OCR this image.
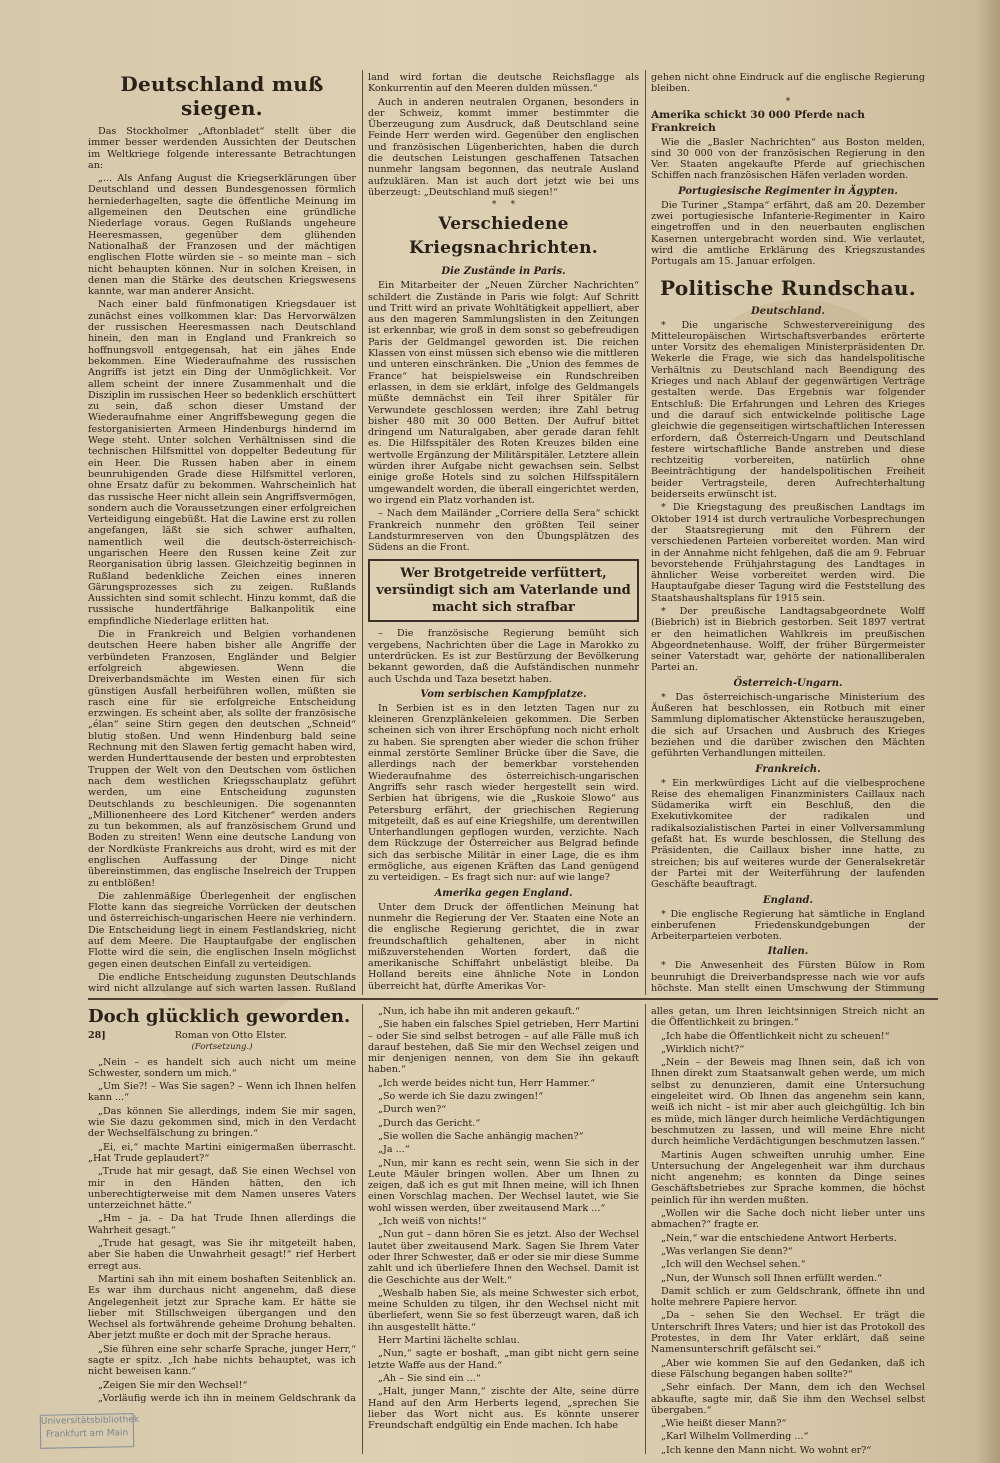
Deutschland muß siegen.

Das Stockholmer „Aftonbladet“ stellt über die immer besser werdenden Aussichten der Deutschen im Weltkriege folgende interessante Betrachtungen an:

„... Als Anfang August die Kriegserklärungen über Deutschland und dessen Bundesgenossen förmlich herniederhagelten, sagte die öffentliche Meinung im allgemeinen den Deutschen eine gründliche Niederlage voraus. Gegen Rußlands ungeheure Heeresmassen, gegenüber dem glühenden Nationalhaß der Franzosen und der mächtigen englischen Flotte würden sie – so meinte man – sich nicht behaupten können. Nur in solchen Kreisen, in denen man die Stärke des deutschen Kriegswesens kannte, war man anderer Ansicht.

Nach einer bald fünfmonatigen Kriegsdauer ist zunächst eines vollkommen klar: Das Hervorwälzen der russischen Heeresmassen nach Deutschland hinein, den man in England und Frankreich so hoffnungsvoll entgegensah, hat ein jähes Ende bekommen. Eine Wiederaufnahme des russischen Angriffs ist jetzt ein Ding der Unmöglichkeit. Vor allem scheint der innere Zusammenhalt und die Disziplin im russischen Heer so bedenklich erschüttert zu sein, daß schon dieser Umstand der Wiederaufnahme einer Angriffsbewegung gegen die festorganisierten Armeen Hindenburgs hindernd im Wege steht. Unter solchen Verhältnissen sind die technischen Hilfsmittel von doppelter Bedeutung für ein Heer. Die Russen haben aber in einem beunruhigenden Grade diese Hilfsmittel verloren, ohne Ersatz dafür zu bekommen. Wahrscheinlich hat das russische Heer nicht allein sein Angriffsvermögen, sondern auch die Voraussetzungen einer erfolgreichen Verteidigung eingebüßt. Hat die Lawine erst zu rollen angefangen, läßt sie sich schwer aufhalten, namentlich weil die deutsch-österreichisch-ungarischen Heere den Russen keine Zeit zur Reorganisation übrig lassen. Gleichzeitig beginnen in Rußland bedenkliche Zeichen eines inneren Gärungsprozesses sich zu zeigen. Rußlands Aussichten sind somit schlecht. Hinzu kommt, daß die russische hundertfährige Balkanpolitik eine empfindliche Niederlage erlitten hat.

Die in Frankreich und Belgien vorhandenen deutschen Heere haben bisher alle Angriffe der verbündeten Franzosen, Engländer und Belgier erfolgreich abgewiesen. Wenn die Dreiverbandsmächte im Westen einen für sich günstigen Ausfall herbeiführen wollen, müßten sie rasch eine für sie erfolgreiche Entscheidung erzwingen. Es scheint aber, als sollte der französische „élan“ seine Stirn gegen den deutschen „Schneid“ blutig stoßen. Und wenn Hindenburg bald seine Rechnung mit den Slawen fertig gemacht haben wird, werden Hunderttausende der besten und erprobtesten Truppen der Welt von den Deutschen vom östlichen nach dem westlichen Kriegsschauplatz geführt werden, um eine Entscheidung zugunsten Deutschlands zu beschleunigen. Die sogenannten „Millionenheere des Lord Kitchener“ werden anders zu tun bekommen, als auf französischem Grund und Boden zu streiten! Wenn eine deutsche Landung von der Nordküste Frankreichs aus droht, wird es mit der englischen Auffassung der Dinge nicht übereinstimmen, das englische Inselreich der Truppen zu entblößen!

Die zahlenmäßige Überlegenheit der englischen Flotte kann das siegreiche Vorrücken der deutschen und österreichisch-ungarischen Heere nie verhindern. Die Entscheidung liegt in einem Festlandskrieg, nicht auf dem Meere. Die Hauptaufgabe der englischen Flotte wird die sein, die englischen Inseln möglichst gegen einen deutschen Einfall zu verteidigen.

Die endliche Entscheidung zugunsten Deutschlands wird nicht allzulange auf sich warten lassen. Rußland

land wird fortan die deutsche Reichsflagge als Konkurrentin auf den Meeren dulden müssen.“

Auch in anderen neutralen Organen, besonders in der Schweiz, kommt immer bestimmter die Überzeugung zum Ausdruck, daß Deutschland seine Feinde Herr werden wird. Gegenüber den englischen und französischen Lügenberichten, haben die durch die deutschen Leistungen geschaffenen Tatsachen nunmehr langsam begonnen, das neutrale Ausland aufzuklären. Man ist auch dort jetzt wie bei uns überzeugt: „Deutschland muß siegen!“

*     *
Verschiedene Kriegsnachrichten.
Die Zustände in Paris.

Ein Mitarbeiter der „Neuen Zürcher Nachrichten“ schildert die Zustände in Paris wie folgt: Auf Schritt und Tritt wird an private Wohltätigkeit appelliert, aber aus den mageren Sammlungslisten in den Zeitungen ist erkennbar, wie groß in dem sonst so gebefreudigen Paris der Geldmangel geworden ist. Die reichen Klassen von einst müssen sich ebenso wie die mittleren und unteren einschränken. Die „Union des femmes de France“ hat beispielsweise ein Rundschreiben erlassen, in dem sie erklärt, infolge des Geldmangels müßte demnächst ein Teil ihrer Spitäler für Verwundete geschlossen werden; ihre Zahl betrug bisher 480 mit 30 000 Betten. Der Aufruf bittet dringend um Naturalgaben, aber gerade daran fehlt es. Die Hilfsspitäler des Roten Kreuzes bilden eine wertvolle Ergänzung der Militärspitäler. Letztere allein würden ihrer Aufgabe nicht gewachsen sein. Selbst einige große Hotels sind zu solchen Hilfsspitälern umgewandelt worden, die überall eingerichtet werden, wo irgend ein Platz vorhanden ist.

– Nach dem Mailänder „Corriere della Sera“ schickt Frankreich nunmehr den größten Teil seiner Landsturmreserven von den Übungsplätzen des Südens an die Front.

Wer Brotgetreide verfüttert, versündigt sich am Vaterlande und macht sich strafbar

– Die französische Regierung bemüht sich vergebens, Nachrichten über die Lage in Marokko zu unterdrücken. Es ist zur Bestürzung der Bevölkerung bekannt geworden, daß die Aufständischen nunmehr auch Uschda und Taza besetzt haben.

Vom serbischen Kampfplatze.

In Serbien ist es in den letzten Tagen nur zu kleineren Grenzplänkeleien gekommen. Die Serben scheinen sich von ihrer Erschöpfung noch nicht erholt zu haben. Sie sprengten aber wieder die schon früher einmal zerstörte Semliner Brücke über die Save, die allerdings nach der bemerkbar vorstehenden Wiederaufnahme des österreichisch-ungarischen Angriffs sehr rasch wieder hergestellt sein wird. Serbien hat übrigens, wie die „Ruskoie Slowo“ aus Petersburg erfährt, der griechischen Regierung mitgeteilt, daß es auf eine Kriegshilfe, um derentwillen Unterhandlungen gepflogen wurden, verzichte. Nach dem Rückzuge der Österreicher aus Belgrad befinde sich das serbische Militär in einer Lage, die es ihm ermögliche, aus eigenen Kräften das Land genügend zu verteidigen. – Es fragt sich nur: auf wie lange?

Amerika gegen England.

Unter dem Druck der öffentlichen Meinung hat nunmehr die Regierung der Ver. Staaten eine Note an die englische Regierung gerichtet, die in zwar freundschaftlich gehaltenen, aber in nicht mißzuverstehenden Worten fordert, daß die amerikanische Schiffahrt unbelästigt bleibe. Da Holland bereits eine ähnliche Note in London überreicht hat, dürfte Amerikas Vor-

gehen nicht ohne Eindruck auf die englische Regierung bleiben.

*
Amerika schickt 30 000 Pferde nach Frankreich

Wie die „Basler Nachrichten“ aus Boston melden, sind 30 000 von der französischen Regierung in den Ver. Staaten angekaufte Pferde auf griechischen Schiffen nach französischen Häfen verladen worden.

Portugiesische Regimenter in Ägypten.

Die Turiner „Stampa“ erfährt, daß am 20. Dezember zwei portugiesische Infanterie-Regimenter in Kairo eingetroffen und in den neuerbauten englischen Kasernen untergebracht worden sind. Wie verlautet, wird die amtliche Erklärung des Kriegszustandes Portugals am 15. Januar erfolgen.

Politische Rundschau.
Deutschland.

* Die ungarische Schwestervereinigung des Mitteleuropäischen Wirtschaftsverbandes erörterte unter Vorsitz des ehemaligen Ministerpräsidenten Dr. Wekerle die Frage, wie sich das handelspolitische Verhältnis zu Deutschland nach Beendigung des Krieges und nach Ablauf der gegenwärtigen Verträge gestalten werde. Das Ergebnis war folgender Entschluß: Die Erfahrungen und Lehren des Krieges und die darauf sich entwickelnde politische Lage gleichwie die gegenseitigen wirtschaftlichen Interessen erfordern, daß Österreich-Ungarn und Deutschland festere wirtschaftliche Bande anstreben und diese rechtzeitig vorbereiten, natürlich ohne Beeinträchtigung der handelspolitischen Freiheit beider Vertragsteile, deren Aufrechterhaltung beiderseits erwünscht ist.

* Die Kriegstagung des preußischen Landtags im Oktober 1914 ist durch vertrauliche Vorbesprechungen der Staatsregierung mit den Führern der verschiedenen Parteien vorbereitet worden. Man wird in der Annahme nicht fehlgehen, daß die am 9. Februar bevorstehende Frühjahrstagung des Landtages in ähnlicher Weise vorbereitet werden wird. Die Hauptaufgabe dieser Tagung wird die Feststellung des Staatshaushaltsplans für 1915 sein.

* Der preußische Landtagsabgeordnete Wolff (Biebrich) ist in Biebrich gestorben. Seit 1897 vertrat er den heimatlichen Wahlkreis im preußischen Abgeordnetenhause. Wolff, der früher Bürgermeister seiner Vaterstadt war, gehörte der nationalliberalen Partei an.

Österreich-Ungarn.

* Das österreichisch-ungarische Ministerium des Äußeren hat beschlossen, ein Rotbuch mit einer Sammlung diplomatischer Aktenstücke herauszugeben, die sich auf Ursachen und Ausbruch des Krieges beziehen und die darüber zwischen den Mächten geführten Verhandlungen mitteilen.

Frankreich.

* Ein merkwürdiges Licht auf die vielbesprochene Reise des ehemaligen Finanzministers Caillaux nach Südamerika wirft ein Beschluß, den die Exekutivkomitee der radikalen und radikalsozialistischen Partei in einer Vollversammlung gefaßt hat. Es wurde beschlossen, die Stellung des Präsidenten, die Caillaux bisher inne hatte, zu streichen; bis auf weiteres wurde der Generalsekretär der Partei mit der Weiterführung der laufenden Geschäfte beauftragt.

England.

* Die englische Regierung hat sämtliche in England einberufenen Friedenskundgebungen der Arbeiterparteien verboten.

Italien.

* Die Anwesenheit des Fürsten Bülow in Rom beunruhigt die Dreiverbandspresse nach wie vor aufs höchste. Man stellt einen Umschwung der Stimmung

Doch glücklich geworden.
28]	Roman von Otto Elster.
(Fortsetzung.)

„Nein – es handelt sich auch nicht um meine Schwester, sondern um mich.“

„Um Sie?! – Was Sie sagen? – Wenn ich Ihnen helfen kann ...“

„Das können Sie allerdings, indem Sie mir sagen, wie Sie dazu gekommen sind, mich in den Verdacht der Wechselfälschung zu bringen.“

„Ei, ei,“ machte Martini einigermaßen überrascht. „Hat Trude geplaudert?“

„Trude hat mir gesagt, daß Sie einen Wechsel von mir in den Händen hätten, den ich unberechtigterweise mit dem Namen unseres Vaters unterzeichnet hätte.“

„Hm – ja. – Da hat Trude Ihnen allerdings die Wahrheit gesagt.“

„Trude hat gesagt, was Sie ihr mitgeteilt haben, aber Sie haben die Unwahrheit gesagt!“ rief Herbert erregt aus.

Martini sah ihn mit einem boshaften Seitenblick an. Es war ihm durchaus nicht angenehm, daß diese Angelegenheit jetzt zur Sprache kam. Er hätte sie lieber mit Stillschweigen übergangen und den Wechsel als fortwährende geheime Drohung behalten. Aber jetzt mußte er doch mit der Sprache heraus.

„Sie führen eine sehr scharfe Sprache, junger Herr,“ sagte er spitz. „Ich habe nichts behauptet, was ich nicht beweisen kann.“

„Zeigen Sie mir den Wechsel!“

„Vorläufig werde ich ihn in meinem Geldschrank da

„Nun, ich habe ihn mit anderen gekauft.“

„Sie haben ein falsches Spiel getrieben, Herr Martini – oder Sie sind selbst betrogen – auf alle Fälle muß ich darauf bestehen, daß Sie mir den Wechsel zeigen und mir denjenigen nennen, von dem Sie ihn gekauft haben.“

„Ich werde beides nicht tun, Herr Hammer.“

„So werde ich Sie dazu zwingen!“

„Durch wen?“

„Durch das Gericht.“

„Sie wollen die Sache anhängig machen?“

„Ja ...“

„Nun, mir kann es recht sein, wenn Sie sich in der Leute Mäuler bringen wollen. Aber um Ihnen zu zeigen, daß ich es gut mit Ihnen meine, will ich Ihnen einen Vorschlag machen. Der Wechsel lautet, wie Sie wohl wissen werden, über zweitausend Mark ...“

„Ich weiß von nichts!“

„Nun gut – dann hören Sie es jetzt. Also der Wechsel lautet über zweitausend Mark. Sagen Sie Ihrem Vater oder Ihrer Schwester, daß er oder sie mir diese Summe zahlt und ich überliefere Ihnen den Wechsel. Damit ist die Geschichte aus der Welt.“

„Weshalb haben Sie, als meine Schwester sich erbot, meine Schulden zu tilgen, ihr den Wechsel nicht mit überliefert, wenn Sie so fest überzeugt waren, daß ich ihn ausgestellt hätte.“

Herr Martini lächelte schlau.

„Nun,“ sagte er boshaft, „man gibt nicht gern seine letzte Waffe aus der Hand.“

„Ah – Sie sind ein ...“

„Halt, junger Mann,“ zischte der Alte, seine dürre Hand auf den Arm Herberts legend, „sprechen Sie lieber das Wort nicht aus. Es könnte unserer Freundschaft endgültig ein Ende machen. Ich habe

alles getan, um Ihren leichtsinnigen Streich nicht an die Öffentlichkeit zu bringen.“

„Ich habe die Öffentlichkeit nicht zu scheuen!“

„Wirklich nicht?“

„Nein – der Beweis mag Ihnen sein, daß ich von Ihnen direkt zum Staatsanwalt gehen werde, um mich selbst zu denunzieren, damit eine Untersuchung eingeleitet wird. Ob Ihnen das angenehm sein kann, weiß ich nicht – ist mir aber auch gleichgültig. Ich bin es müde, mich länger durch heimliche Verdächtigungen beschmutzen zu lassen, und will meine Ehre nicht durch heimliche Verdächtigungen beschmutzen lassen.“

Martinis Augen schweiften unruhig umher. Eine Untersuchung der Angelegenheit war ihm durchaus nicht angenehm; es konnten da Dinge seines Geschäftsbetriebes zur Sprache kommen, die höchst peinlich für ihn werden mußten.

„Wollen wir die Sache doch nicht lieber unter uns abmachen?“ fragte er.

„Nein,“ war die entschiedene Antwort Herberts.

„Was verlangen Sie denn?“

„Ich will den Wechsel sehen.“

„Nun, der Wunsch soll Ihnen erfüllt werden.“

Damit schlich er zum Geldschrank, öffnete ihn und holte mehrere Papiere hervor.

„Da – sehen Sie den Wechsel. Er trägt die Unterschrift Ihres Vaters; und hier ist das Protokoll des Protestes, in dem Ihr Vater erklärt, daß seine Namensunterschrift gefälscht sei.“

„Aber wie kommen Sie auf den Gedanken, daß ich diese Fälschung begangen haben sollte?“

„Sehr einfach. Der Mann, dem ich den Wechsel abkaufte, sagte mir, daß Sie ihm den Wechsel selbst übergaben.“

„Wie heißt dieser Mann?“

„Karl Wilhelm Vollmerding ...“

„Ich kenne den Mann nicht. Wo wohnt er?“

Universitätsbibliothek
Frankfurt am Main
